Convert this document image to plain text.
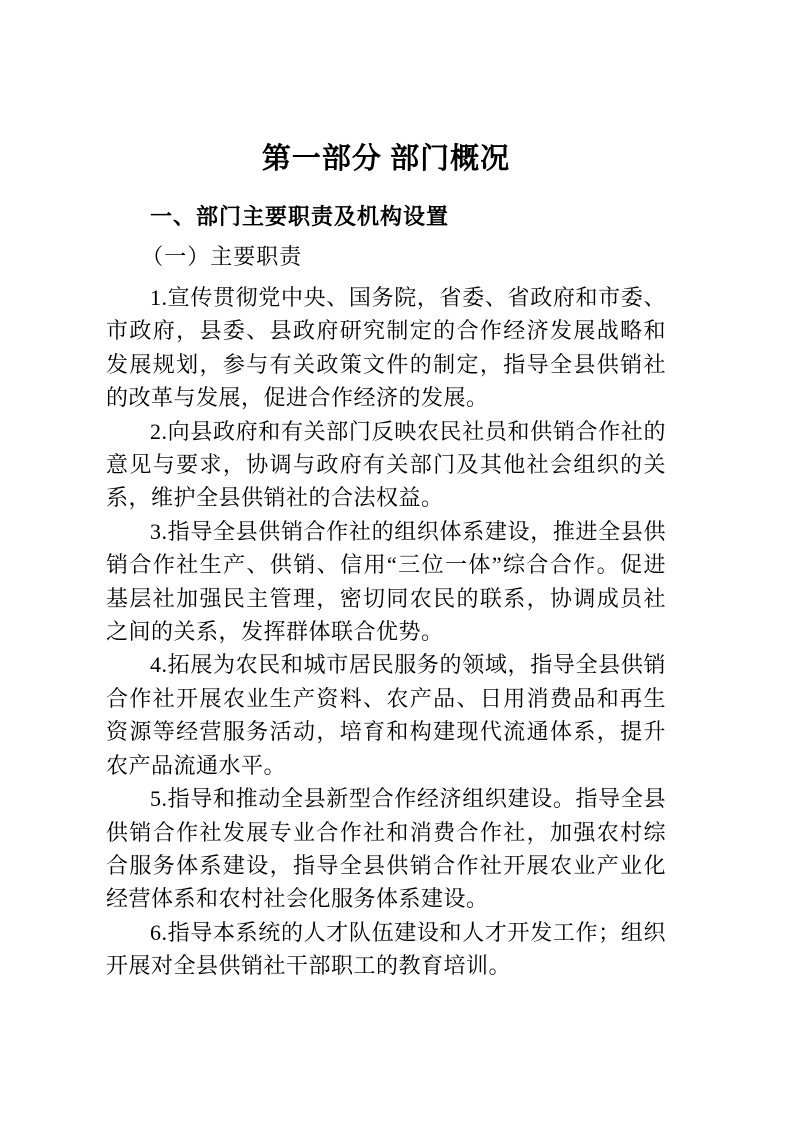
第一部分 部门概况
一、部门主要职责及机构设置
（一）主要职责

1.宣传贯彻党中央、国务院，省委、省政府和市委、市政府，县委、县政府研究制定的合作经济发展战略和发展规划，参与有关政策文件的制定，指导全县供销社的改革与发展，促进合作经济的发展。

2.向县政府和有关部门反映农民社员和供销合作社的意见与要求，协调与政府有关部门及其他社会组织的关系，维护全县供销社的合法权益。

3.指导全县供销合作社的组织体系建设，推进全县供销合作社生产、供销、信用“三位一体”综合合作。促进基层社加强民主管理，密切同农民的联系，协调成员社之间的关系，发挥群体联合优势。

4.拓展为农民和城市居民服务的领域，指导全县供销合作社开展农业生产资料、农产品、日用消费品和再生资源等经营服务活动，培育和构建现代流通体系，提升农产品流通水平。

5.指导和推动全县新型合作经济组织建设。指导全县供销合作社发展专业合作社和消费合作社，加强农村综合服务体系建设，指导全县供销合作社开展农业产业化经营体系和农村社会化服务体系建设。

6.指导本系统的人才队伍建设和人才开发工作；组织开展对全县供销社干部职工的教育培训。
